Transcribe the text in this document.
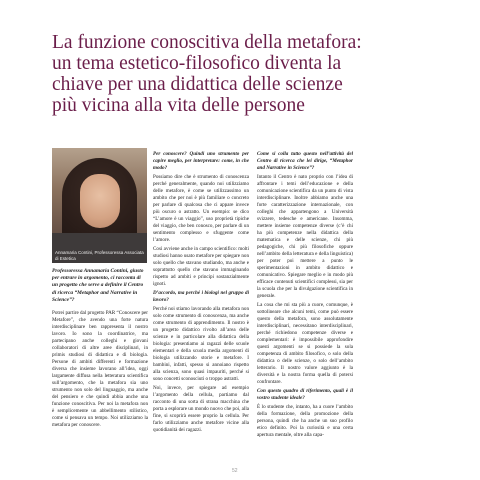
La funzione conoscitiva della metafora:
un tema estetico-filosofico diventa la
chiave per una didattica delle scienze
più vicina alla vita delle persone
Annamaria Contini, Professoressa Associata di Estetica

Professoressa Annamaria Contini, giusto per entrare in argomento, ci racconta di un progetto che serve a definire il Centro di ricerca “Metaphor and Narrative in Science”?

Potrei partire dal progetto PAR “Conoscere per Metafore”, che avendo una forte natura interdisciplinare ben rappresenta il nostro lavoro. Io sono la coordinatrice, ma partecipano anche colleghi e giovani collaboratori di altre aree disciplinari, in primis studiosi di didattica e di biologia. Persone di ambiti differenti e formazione diversa che insieme lavorano all’idea, oggi largamente diffusa nella letteratura scientifica sull’argomento, che la metafora sia uno strumento non solo del linguaggio, ma anche del pensiero e che quindi abbia anche una funzione conoscitiva. Per noi la metafora non è semplicemente un abbellimento stilistico, come si pensava un tempo. Noi utilizziamo la metafora per conoscere.

Per conoscere? Quindi uno strumento per capire meglio, per interpretare: come, in che modo?

Possiamo dire che è strumento di conoscenza perché generalmente, quando noi utilizziamo delle metafore, è come se utilizzassimo un ambito che per noi è più familiare o concreto per parlare di qualcosa che ci appare invece più oscuro o astratto. Un esempio: se dico “L’amore è un viaggio”, uso proprietà tipiche del viaggio, che ben conosco, per parlare di un sentimento complesso e sfuggente come l’amore.

Così avviene anche in campo scientifico: molti studiosi hanno usato metafore per spiegare non solo quello che stavano studiando, ma anche e soprattutto quello che stavano immaginando rispetto ad ambiti e principi sostanzialmente ignoti.

D’accordo, ma perché i biologi nel gruppo di lavoro?

Perché noi stiamo lavorando alla metafora non solo come strumento di conoscenza, ma anche come strumento di apprendimento. Il nostro è un progetto didattico rivolto all’area delle scienze e in particolare alla didattica della biologia: presentiamo ai ragazzi delle scuole elementari e della scuola media argomenti di biologia utilizzando storie e metafore. I bambini, infatti, spesso si annoiano rispetto alla scienza, sono quasi impauriti, perché si sono concetti sconosciuti o troppo astratti.

Noi, invece, per spiegare ad esempio l’argomento della cellula, partiamo dal racconto di una sorta di strana macchina che porta a esplorare un mondo nuovo che poi, alla fine, si scoprirà essere proprio la cellula. Per farlo utilizziamo anche metafore vicine alla quotidianità dei ragazzi.

Come si colla tutto questo nell’attività del Centro di ricerca che lei dirige, “Metaphor and Narrative in Science”?

Intanto il Centro è nato proprio con l’idea di affrontare i temi dell’educazione e della comunicazione scientifica da un punto di vista interdisciplinare. Inoltre abbiamo anche una forte caratterizzazione internazionale, con colleghi che appartengono a Università svizzere, tedesche e americane. Insomma, mettere insieme competenze diverse (c’è chi ha più competenze nella didattica della matematica e delle scienze, chi più pedagogiche, chi più filosofiche oppure nell’ambito della letteratura e della linguistica) per poter poi mettere a punto le sperimentazioni in ambito didattico e comunicativo. Spiegare meglio e in modo più efficace contenuti scientifici complessi, sia per la scuola che per la divulgazione scientifica in generale.

La cosa che mi sta più a cuore, comunque, è sottolineare che alcuni temi, come può essere questo della metafora, sono assolutamente interdisciplinari, necessitano interdisciplinari, perché richiedono competenze diverse e complementari: è impossibile approfondire questi argomenti se si possiede la sola competenza di ambito filosofico, o solo della didattica o delle scienze, o solo dell’ambito letterario. Il nostro valore aggiunto è la diversità e la nostra forma quella di potersi confrontare.

Con questo quadro di riferimento, quali è il vostro studente ideale?

È lo studente che, intanto, ha a cuore l’ambito della formazione, della promozione della persona, quindi che ha anche un suo profilo etico definito. Poi la curiosità e una certa apertura mentale, oltre alla capa-

52
